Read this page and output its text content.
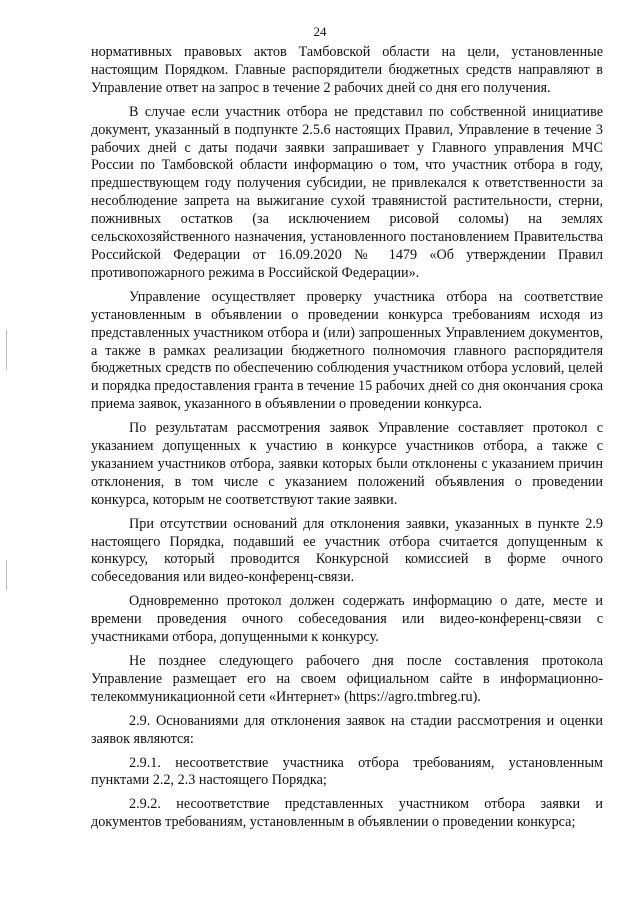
24

нормативных правовых актов Тамбовской области на цели, установленные настоящим Порядком. Главные распорядители бюджетных средств направляют в Управление ответ на запрос в течение 2 рабочих дней со дня его получения.

В случае если участник отбора не представил по собственной инициативе документ, указанный в подпункте 2.5.6 настоящих Правил, Управление в течение 3 рабочих дней с даты подачи заявки запрашивает у Главного управления МЧС России по Тамбовской области информацию о том, что участник отбора в году, предшествующем году получения субсидии, не привлекался к ответственности за несоблюдение запрета на выжигание сухой травянистой растительности, стерни, пожнивных остатков (за исключением рисовой соломы) на землях сельскохозяйственного назначения, установленного постановлением Правительства Российской Федерации от 16.09.2020 № 1479 «Об утверждении Правил противопожарного режима в Российской Федерации».

Управление осуществляет проверку участника отбора на соответствие установленным в объявлении о проведении конкурса требованиям исходя из представленных участником отбора и (или) запрошенных Управлением документов, а также в рамках реализации бюджетного полномочия главного распорядителя бюджетных средств по обеспечению соблюдения участником отбора условий, целей и порядка предоставления гранта в течение 15 рабочих дней со дня окончания срока приема заявок, указанного в объявлении о проведении конкурса.

По результатам рассмотрения заявок Управление составляет протокол с указанием допущенных к участию в конкурсе участников отбора, а также с указанием участников отбора, заявки которых были отклонены с указанием причин отклонения, в том числе с указанием положений объявления о проведении конкурса, которым не соответствуют такие заявки.

При отсутствии оснований для отклонения заявки, указанных в пункте 2.9 настоящего Порядка, подавший ее участник отбора считается допущенным к конкурсу, который проводится Конкурсной комиссией в форме очного собеседования или видео-конференц-связи.

Одновременно протокол должен содержать информацию о дате, месте и времени проведения очного собеседования или видео-конференц-связи с участниками отбора, допущенными к конкурсу.

Не позднее следующего рабочего дня после составления протокола Управление размещает его на своем официальном сайте в информационно-телекоммуникационной сети «Интернет» (https://agro.tmbreg.ru).

2.9. Основаниями для отклонения заявок на стадии рассмотрения и оценки заявок являются:

2.9.1. несоответствие участника отбора требованиям, установленным пунктами 2.2, 2.3 настоящего Порядка;

2.9.2. несоответствие представленных участником отбора заявки и документов требованиям, установленным в объявлении о проведении конкурса;
